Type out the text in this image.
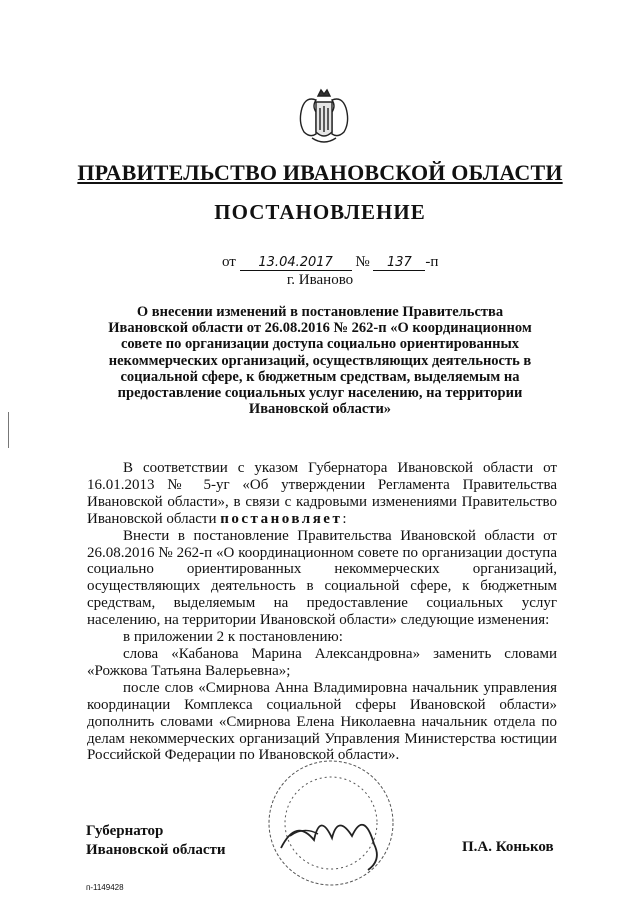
ПРАВИТЕЛЬСТВО ИВАНОВСКОЙ ОБЛАСТИ
ПОСТАНОВЛЕНИЕ
от 13.04.2017 № 137 -п
г. Иваново
О внесении изменений в постановление Правительства Ивановской области от 26.08.2016 № 262-п «О координационном совете по организации доступа социально ориентированных некоммерческих организаций, осуществляющих деятельность в социальной сфере, к бюджетным средствам, выделяемым на предоставление социальных услуг населению, на территории Ивановской области»

В соответствии с указом Губернатора Ивановской области от 16.01.2013 № 5-уг «Об утверждении Регламента Правительства Ивановской области», в связи с кадровыми изменениями Правительство Ивановской области постановляет:

Внести в постановление Правительства Ивановской области от 26.08.2016 № 262-п «О координационном совете по организации доступа социально ориентированных некоммерческих организаций, осуществляющих деятельность в социальной сфере, к бюджетным средствам, выделяемым на предоставление социальных услуг населению, на территории Ивановской области» следующие изменения:

в приложении 2 к постановлению:

слова «Кабанова Марина Александровна» заменить словами «Рожкова Татьяна Валерьевна»;

после слов «Смирнова Анна Владимировна начальник управления координации Комплекса социальной сферы Ивановской области» дополнить словами «Смирнова Елена Николаевна начальник отдела по делам некоммерческих организаций Управления Министерства юстиции Российской Федерации по Ивановской области».

Губернатор
Ивановской области	П.А. Коньков
п-1149428
